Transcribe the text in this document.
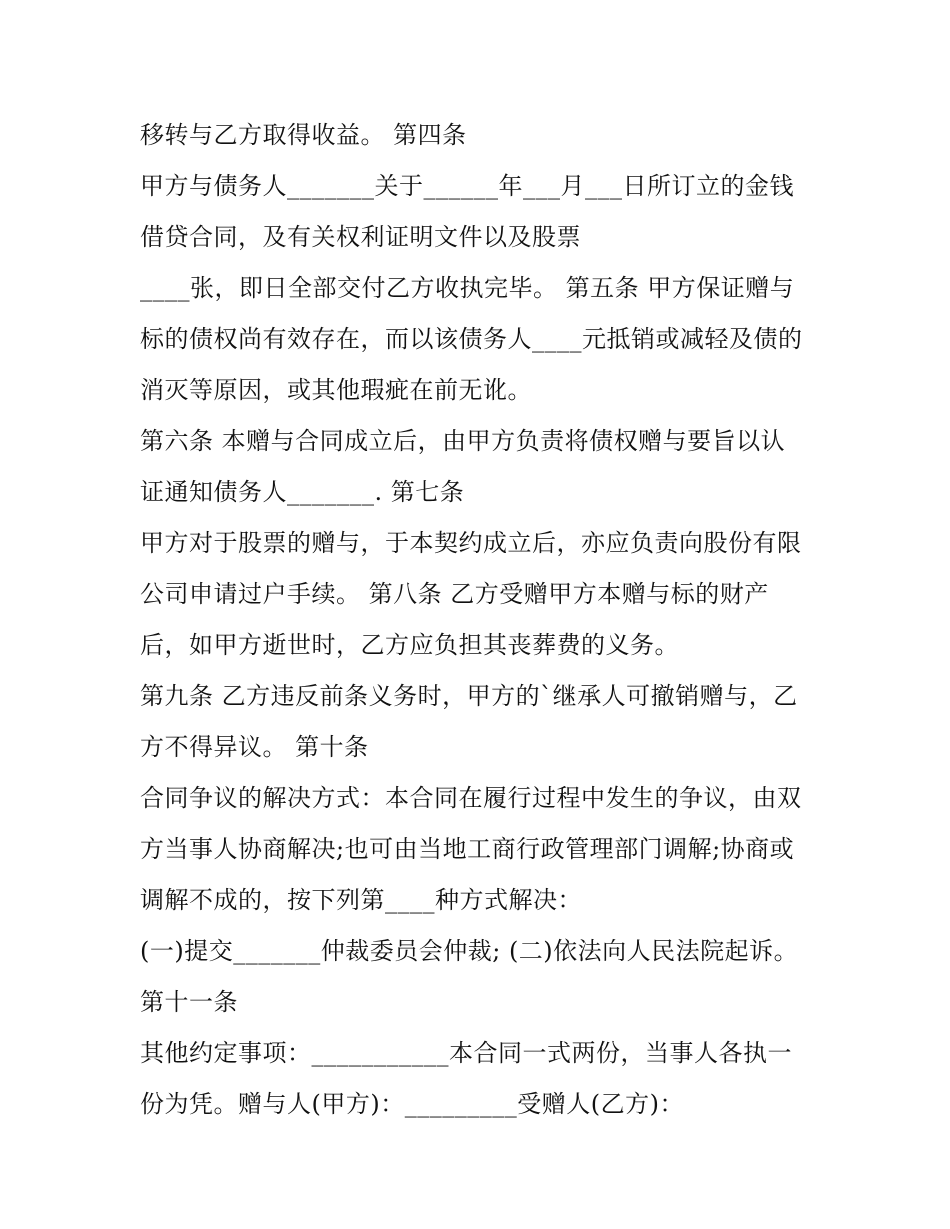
移转与乙方取得收益。 第四条
甲方与债务人_______关于______年___月___日所订立的金钱
借贷合同，及有关权利证明文件以及股票
____张，即日全部交付乙方收执完毕。 第五条 甲方保证赠与
标的债权尚有效存在，而以该债务人____元抵销或减轻及债的
消灭等原因，或其他瑕疵在前无讹。
第六条 本赠与合同成立后，由甲方负责将债权赠与要旨以认
证通知债务人_______. 第七条
甲方对于股票的赠与，于本契约成立后，亦应负责向股份有限
公司申请过户手续。 第八条 乙方受赠甲方本赠与标的财产
后，如甲方逝世时，乙方应负担其丧葬费的义务。
第九条 乙方违反前条义务时，甲方的`继承人可撤销赠与，乙
方不得异议。 第十条
合同争议的解决方式：本合同在履行过程中发生的争议，由双
方当事人协商解决;也可由当地工商行政管理部门调解;协商或
调解不成的，按下列第____种方式解决：
(一)提交_______仲裁委员会仲裁; (二)依法向人民法院起诉。
第十一条
其他约定事项：___________本合同一式两份，当事人各执一
份为凭。赠与人(甲方)：_________受赠人(乙方)：
